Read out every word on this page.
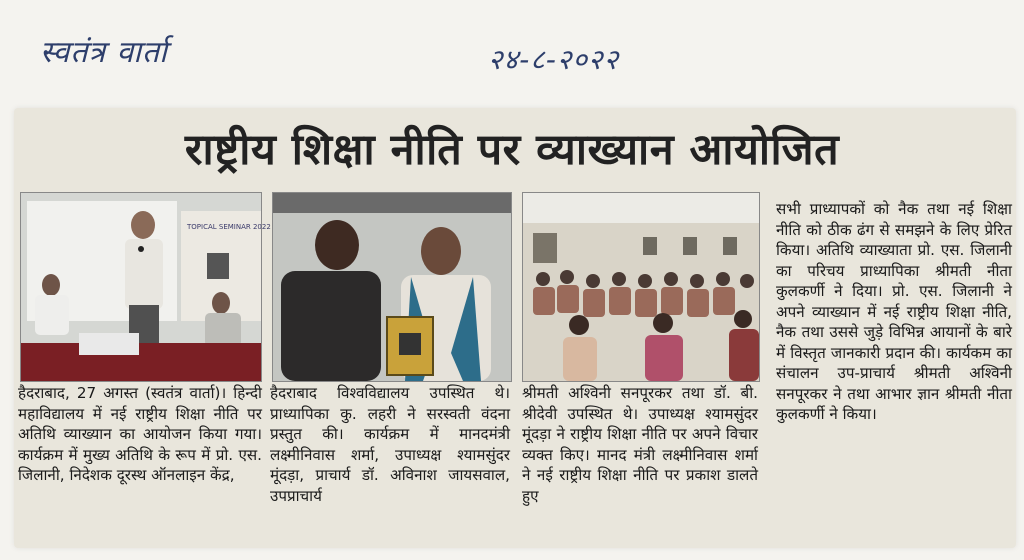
स्वतंत्र वार्ता	२४-८-२०२२
राष्ट्रीय शिक्षा नीति पर व्याख्यान आयोजित
TOPICAL SEMINAR 2022

हैदराबाद, 27 अगस्त (स्वतंत्र वार्ता)। हिन्दी महाविद्यालय में नई राष्ट्रीय शिक्षा नीति पर अतिथि व्याख्यान का आयोजन किया गया। कार्यक्रम में मुख्य अतिथि के रूप में प्रो. एस. जिलानी, निदेशक दूरस्थ ऑनलाइन केंद्र,

हैदराबाद विश्वविद्यालय उपस्थित थे। प्राध्यापिका कु. लहरी ने सरस्वती वंदना प्रस्तुत की। कार्यक्रम में मानदमंत्री लक्ष्मीनिवास शर्मा, उपाध्यक्ष श्यामसुंदर मूंदड़ा, प्राचार्य डॉ. अविनाश जायसवाल, उपप्राचार्य

श्रीमती अश्विनी सनपूरकर तथा डॉ. बी. श्रीदेवी उपस्थित थे। उपाध्यक्ष श्यामसुंदर मूंदड़ा ने राष्ट्रीय शिक्षा नीति पर अपने विचार व्यक्त किए। मानद मंत्री लक्ष्मीनिवास शर्मा ने नई राष्ट्रीय शिक्षा नीति पर प्रकाश डालते हुए

सभी प्राध्यापकों को नैक तथा नई शिक्षा नीति को ठीक ढंग से समझने के लिए प्रेरित किया। अतिथि व्याख्याता प्रो. एस. जिलानी का परिचय प्राध्यापिका श्रीमती नीता कुलकर्णी ने दिया। प्रो. एस. जिलानी ने अपने व्याख्यान में नई राष्ट्रीय शिक्षा नीति, नैक तथा उससे जुड़े विभिन्न आयानों के बारे में विस्तृत जानकारी प्रदान की। कार्यकम का संचालन उप-प्राचार्य श्रीमती अश्विनी सनपूरकर ने तथा आभार ज्ञान श्रीमती नीता कुलकर्णी ने किया।
